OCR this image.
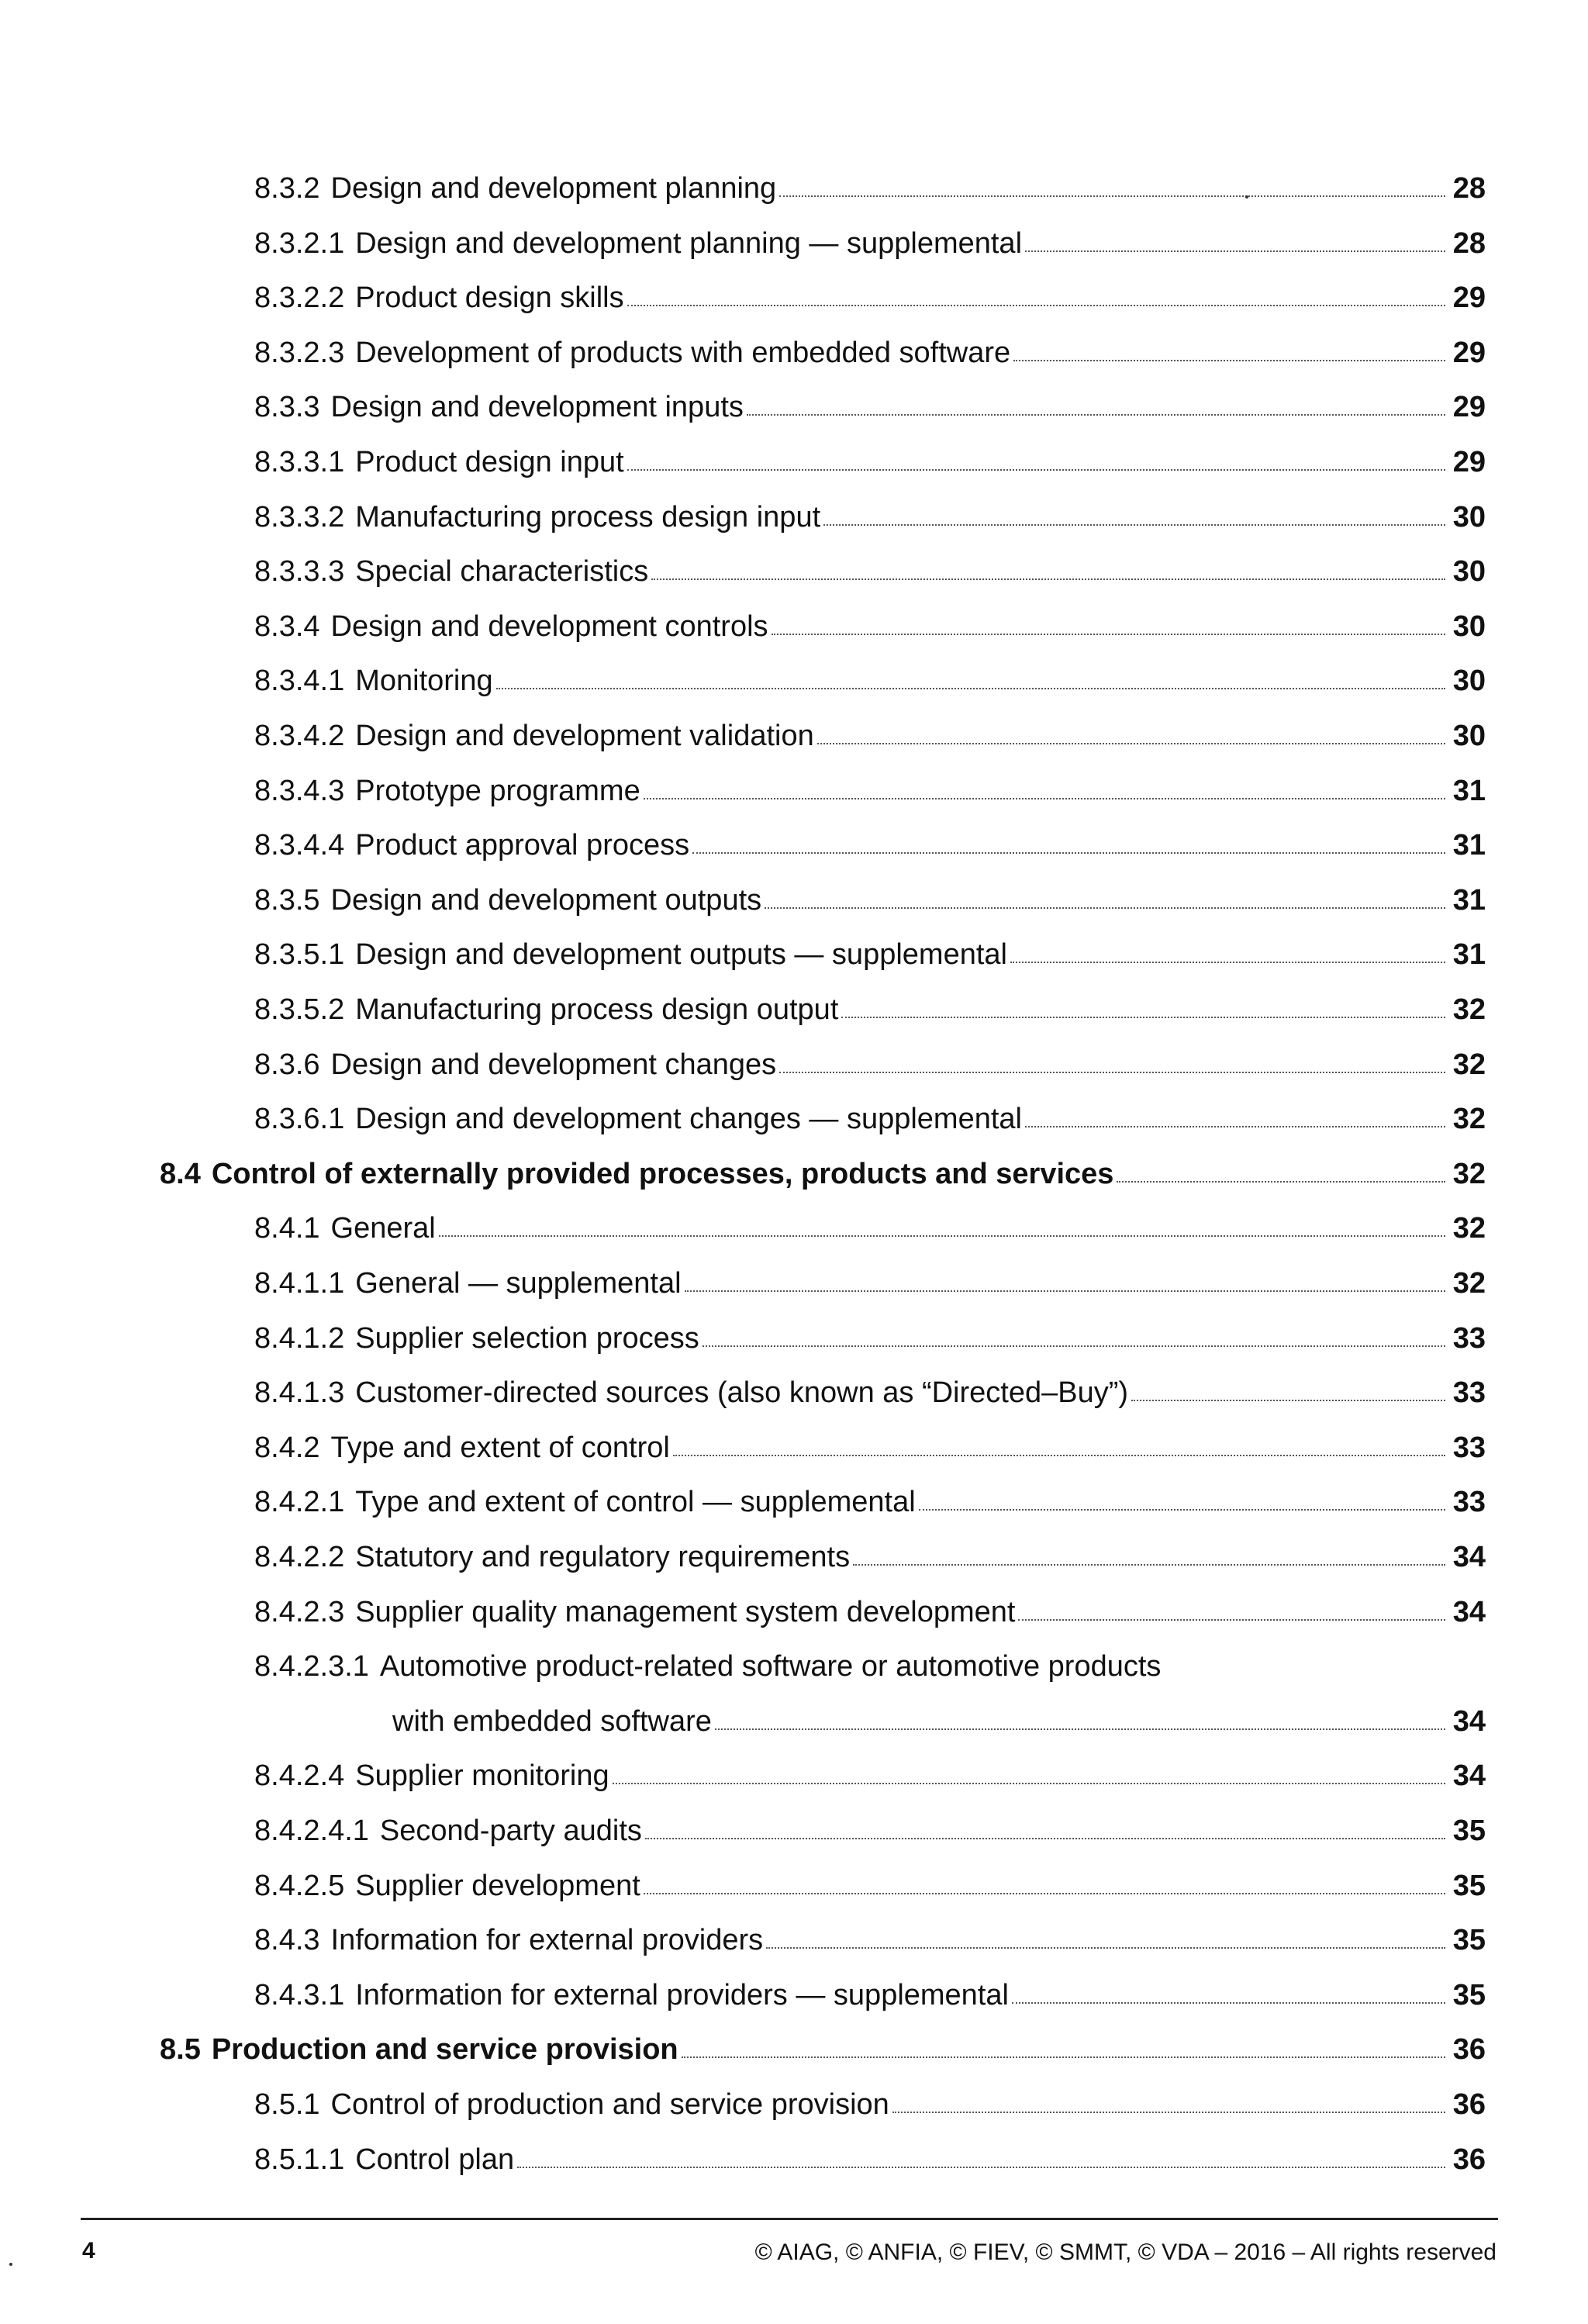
8.3.2 Design and development planning	28
8.3.2.1 Design and development planning — supplemental	28
8.3.2.2 Product design skills	29
8.3.2.3 Development of products with embedded software	29
8.3.3 Design and development inputs	29
8.3.3.1 Product design input	29
8.3.3.2 Manufacturing process design input	30
8.3.3.3 Special characteristics	30
8.3.4 Design and development controls	30
8.3.4.1 Monitoring	30
8.3.4.2 Design and development validation	30
8.3.4.3 Prototype programme	31
8.3.4.4 Product approval process	31
8.3.5 Design and development outputs	31
8.3.5.1 Design and development outputs — supplemental	31
8.3.5.2 Manufacturing process design output	32
8.3.6 Design and development changes	32
8.3.6.1 Design and development changes — supplemental	32
8.4 Control of externally provided processes, products and services	32
8.4.1 General	32
8.4.1.1 General — supplemental	32
8.4.1.2 Supplier selection process	33
8.4.1.3 Customer-directed sources (also known as “Directed–Buy”)	33
8.4.2 Type and extent of control	33
8.4.2.1 Type and extent of control — supplemental	33
8.4.2.2 Statutory and regulatory requirements	34
8.4.2.3 Supplier quality management system development	34
8.4.2.3.1 Automotive product-related software or automotive products
with embedded software	34
8.4.2.4 Supplier monitoring	34
8.4.2.4.1 Second-party audits	35
8.4.2.5 Supplier development	35
8.4.3 Information for external providers	35
8.4.3.1 Information for external providers — supplemental	35
8.5 Production and service provision	36
8.5.1 Control of production and service provision	36
8.5.1.1 Control plan	36
4	© AIAG, © ANFIA, © FIEV, © SMMT, © VDA – 2016 – All rights reserved
